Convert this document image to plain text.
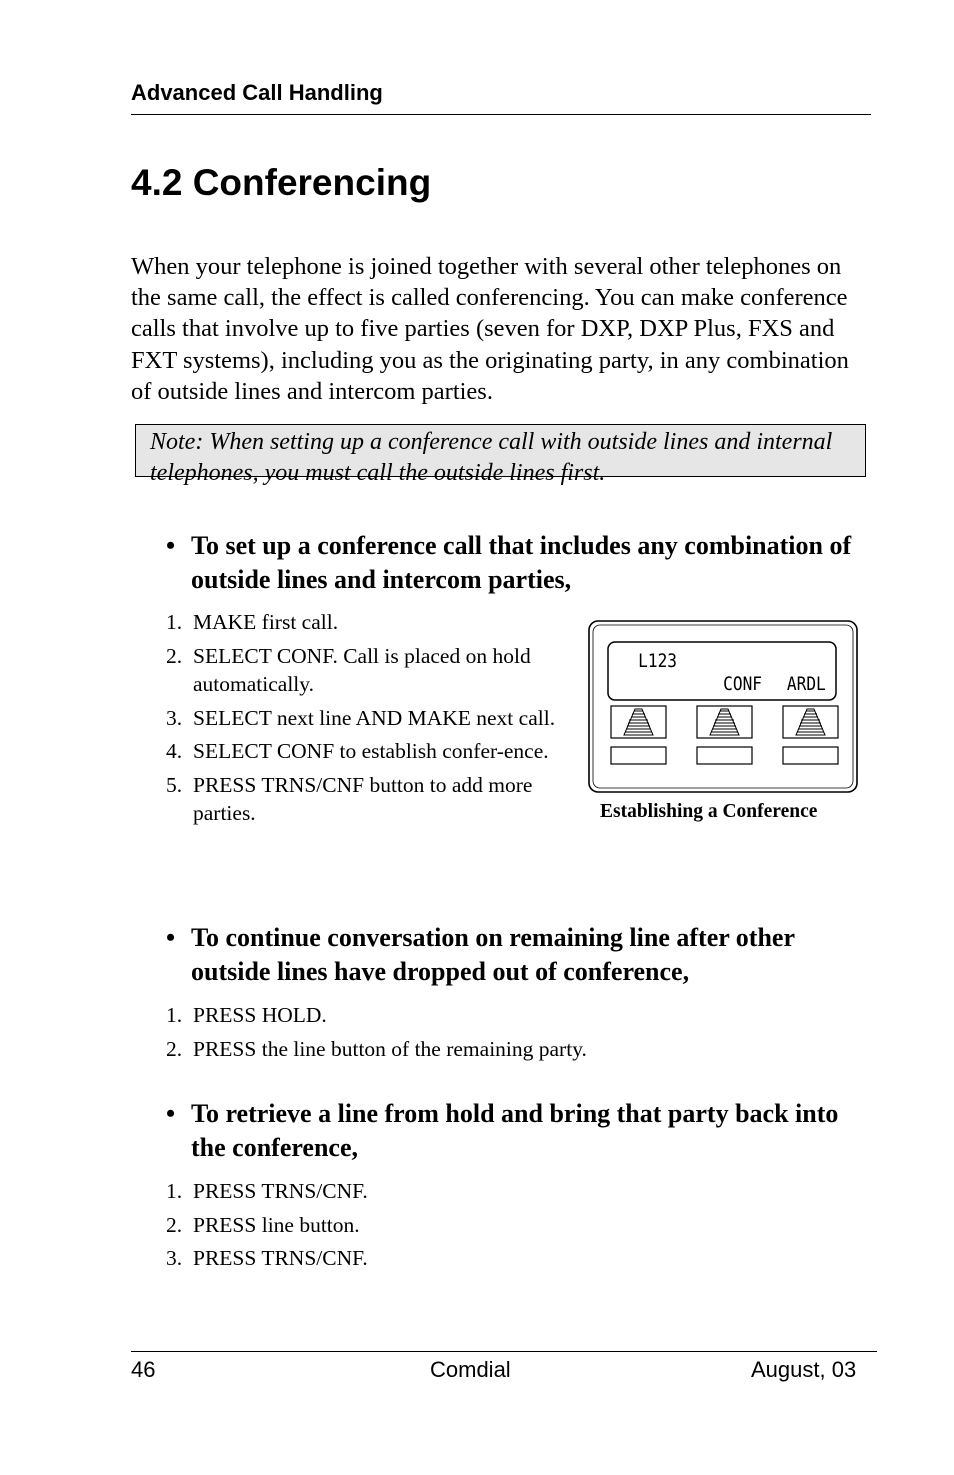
Advanced Call Handling
4.2 Conferencing

When your telephone is joined together with several other telephones on the same call, the effect is called conferencing. You can make conference calls that involve up to five parties (seven for DXP, DXP Plus, FXS and FXT systems), including you as the originating party, in any combination of outside lines and intercom parties.

Note: When setting up a conference call with outside lines and internal telephones, you must call the outside lines first.
• To set up a conference call that includes any combination of outside lines and intercom parties,
1. MAKE first call.
2. SELECT CONF. Call is placed on hold automatically.
3. SELECT next line AND MAKE next call.
4. SELECT CONF to establish confer-ence.
5. PRESS TRNS/CNF button to add more parties.
L123
CONF ARDL
Establishing a Conference
• To continue conversation on remaining line after other outside lines have dropped out of conference,
1. PRESS HOLD.
2. PRESS the line button of the remaining party.
• To retrieve a line from hold and bring that party back into the conference,
1. PRESS TRNS/CNF.
2. PRESS line button.
3. PRESS TRNS/CNF.
46	Comdial	August, 03
